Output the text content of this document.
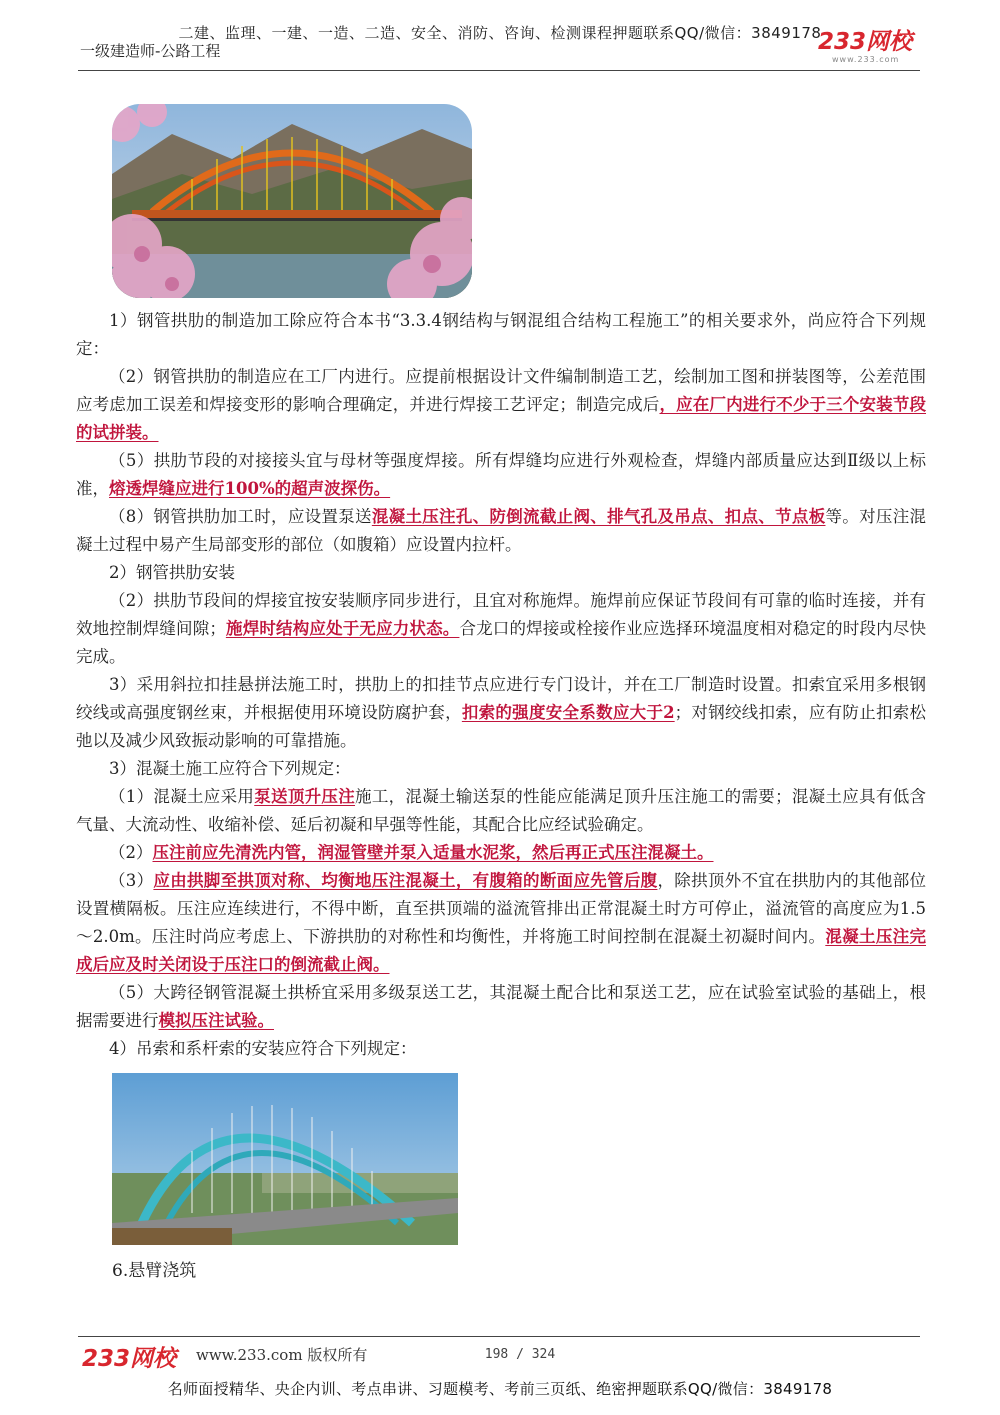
二建、监理、一建、一造、二造、安全、消防、咨询、检测课程押题联系QQ/微信：3849178
一级建造师-公路工程	233网校
www.233.com

1）钢管拱肋的制造加工除应符合本书“3.3.4钢结构与钢混组合结构工程施工”的相关要求外，尚应符合下列规定：

（2）钢管拱肋的制造应在工厂内进行。应提前根据设计文件编制制造工艺，绘制加工图和拼装图等，公差范围应考虑加工误差和焊接变形的影响合理确定，并进行焊接工艺评定；制造完成后，应在厂内进行不少于三个安装节段的试拼装。

（5）拱肋节段的对接接头宜与母材等强度焊接。所有焊缝均应进行外观检查，焊缝内部质量应达到Ⅱ级以上标准，熔透焊缝应进行100%的超声波探伤。

（8）钢管拱肋加工时，应设置泵送混凝土压注孔、防倒流截止阀、排气孔及吊点、扣点、节点板等。对压注混凝土过程中易产生局部变形的部位（如腹箱）应设置内拉杆。

2）钢管拱肋安装

（2）拱肋节段间的焊接宜按安装顺序同步进行，且宜对称施焊。施焊前应保证节段间有可靠的临时连接，并有效地控制焊缝间隙；施焊时结构应处于无应力状态。合龙口的焊接或栓接作业应选择环境温度相对稳定的时段内尽快完成。

3）采用斜拉扣挂悬拼法施工时，拱肋上的扣挂节点应进行专门设计，并在工厂制造时设置。扣索宜采用多根钢绞线或高强度钢丝束，并根据使用环境设防腐护套，扣索的强度安全系数应大于2；对钢绞线扣索，应有防止扣索松弛以及减少风致振动影响的可靠措施。

3）混凝土施工应符合下列规定：

（1）混凝土应采用泵送顶升压注施工，混凝土输送泵的性能应能满足顶升压注施工的需要；混凝土应具有低含气量、大流动性、收缩补偿、延后初凝和早强等性能，其配合比应经试验确定。

（2）压注前应先清洗内管，润湿管壁并泵入适量水泥浆，然后再正式压注混凝土。

（3）应由拱脚至拱顶对称、均衡地压注混凝土，有腹箱的断面应先管后腹，除拱顶外不宜在拱肋内的其他部位设置横隔板。压注应连续进行，不得中断，直至拱顶端的溢流管排出正常混凝土时方可停止，溢流管的高度应为1.5～2.0m。压注时尚应考虑上、下游拱肋的对称性和均衡性，并将施工时间控制在混凝土初凝时间内。混凝土压注完成后应及时关闭设于压注口的倒流截止阀。

（5）大跨径钢管混凝土拱桥宜采用多级泵送工艺，其混凝土配合比和泵送工艺，应在试验室试验的基础上，根据需要进行模拟压注试验。

4）吊索和系杆索的安装应符合下列规定：

6.悬臂浇筑
233网校 www.233.com 版权所有	198 / 324
名师面授精华、央企内训、考点串讲、习题模考、考前三页纸、绝密押题联系QQ/微信：3849178
